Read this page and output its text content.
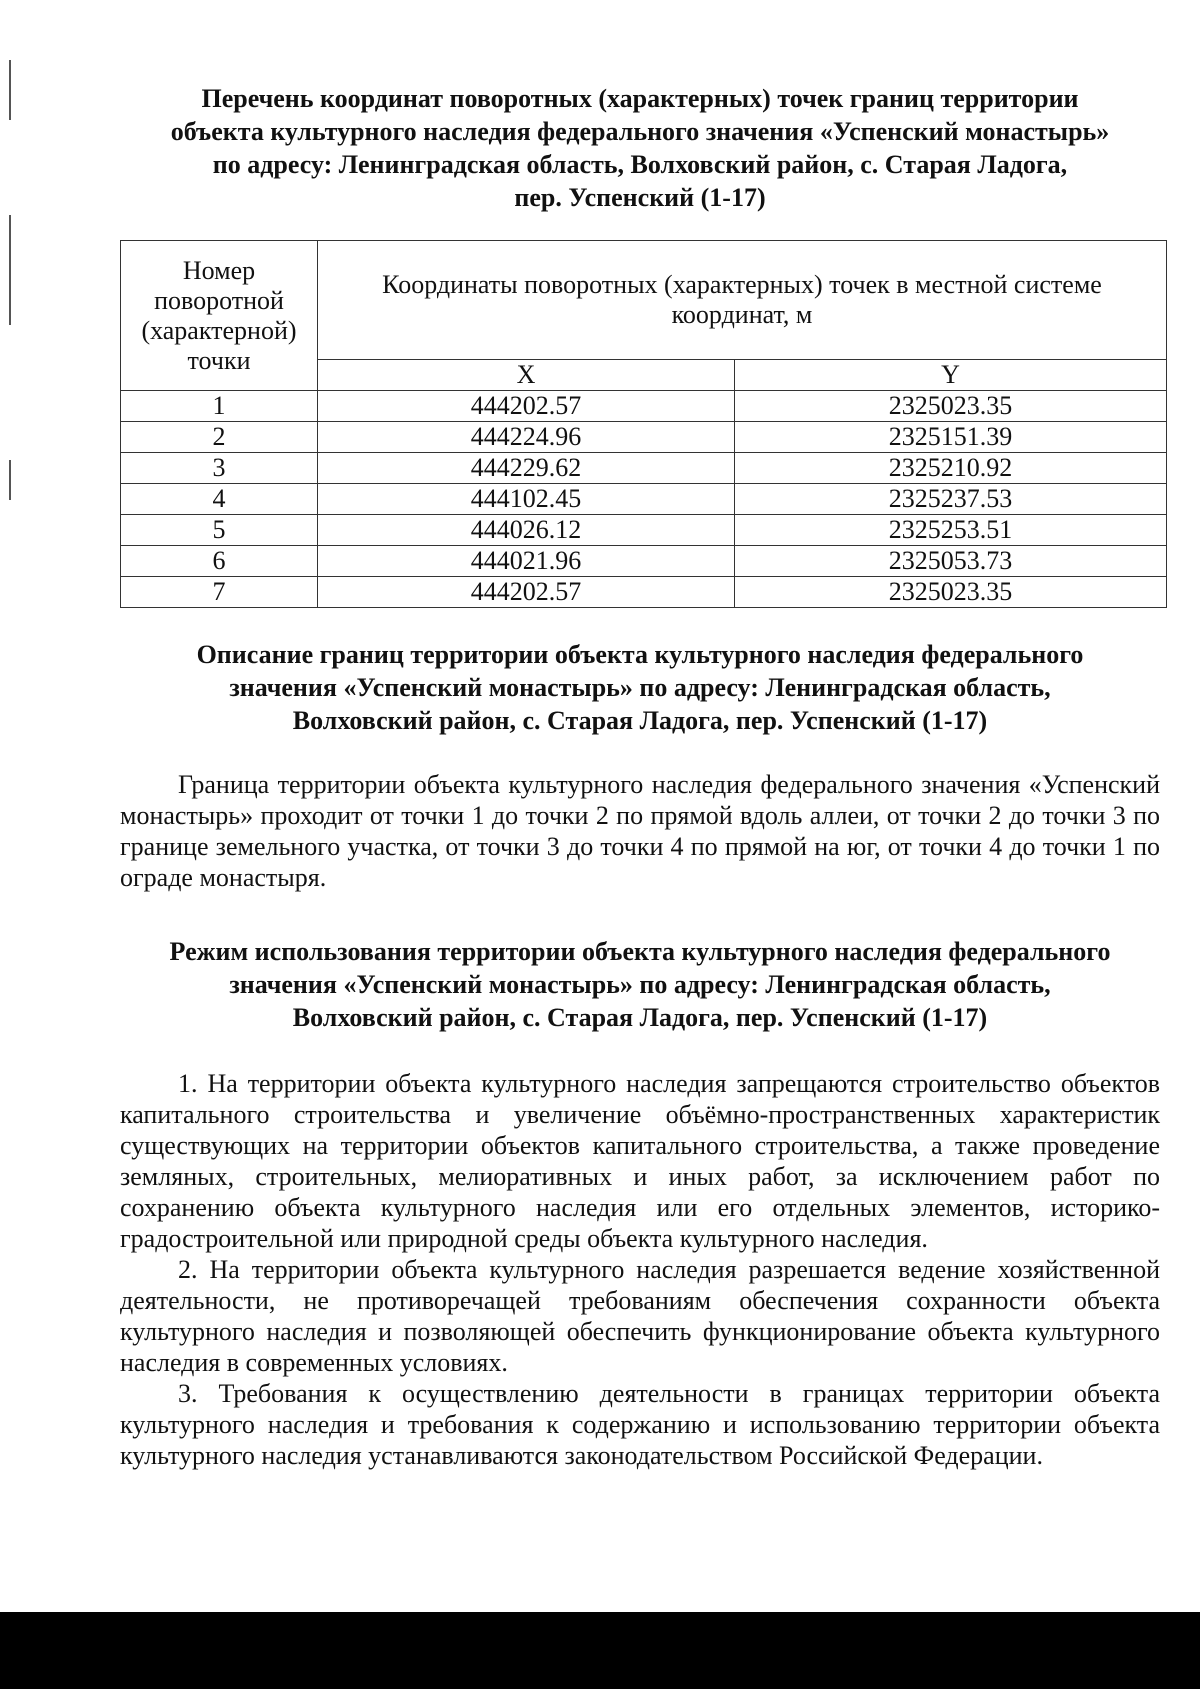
Перечень координат поворотных (характерных) точек границ территории
объекта культурного наследия федерального значения «Успенский монастырь»
по адресу: Ленинградская область, Волховский район, с. Старая Ладога,
пер. Успенский (1-17)
Номер поворотной (характерной) точки	Координаты поворотных (характерных) точек в местной системе
координат, м	

	X	Y
1	444202.57	2325023.35
2	444224.96	2325151.39
3	444229.62	2325210.92
4	444102.45	2325237.53
5	444026.12	2325253.51
6	444021.96	2325053.73
7	444202.57	2325023.35
Описание границ территории объекта культурного наследия федерального
значения «Успенский монастырь» по адресу: Ленинградская область,
Волховский район, с. Старая Ладога, пер. Успенский (1-17)

Граница территории объекта культурного наследия федерального значения «Успенский монастырь» проходит от точки 1 до точки 2 по прямой вдоль аллеи, от точки 2 до точки 3 по границе земельного участка, от точки 3 до точки 4 по прямой на юг, от точки 4 до точки 1 по ограде монастыря.

Режим использования территории объекта культурного наследия федерального
значения «Успенский монастырь» по адресу: Ленинградская область,
Волховский район, с. Старая Ладога, пер. Успенский (1-17)

1. На территории объекта культурного наследия запрещаются строительство объектов капитального строительства и увеличение объёмно-пространственных характеристик существующих на территории объектов капитального строительства, а также проведение земляных, строительных, мелиоративных и иных работ, за исключением работ по сохранению объекта культурного наследия или его отдельных элементов, историко-градостроительной или природной среды объекта культурного наследия.

2. На территории объекта культурного наследия разрешается ведение хозяйственной деятельности, не противоречащей требованиям обеспечения сохранности объекта культурного наследия и позволяющей обеспечить функционирование объекта культурного наследия в современных условиях.

3. Требования к осуществлению деятельности в границах территории объекта культурного наследия и требования к содержанию и использованию территории объекта культурного наследия устанавливаются законодательством Российской Федерации.
